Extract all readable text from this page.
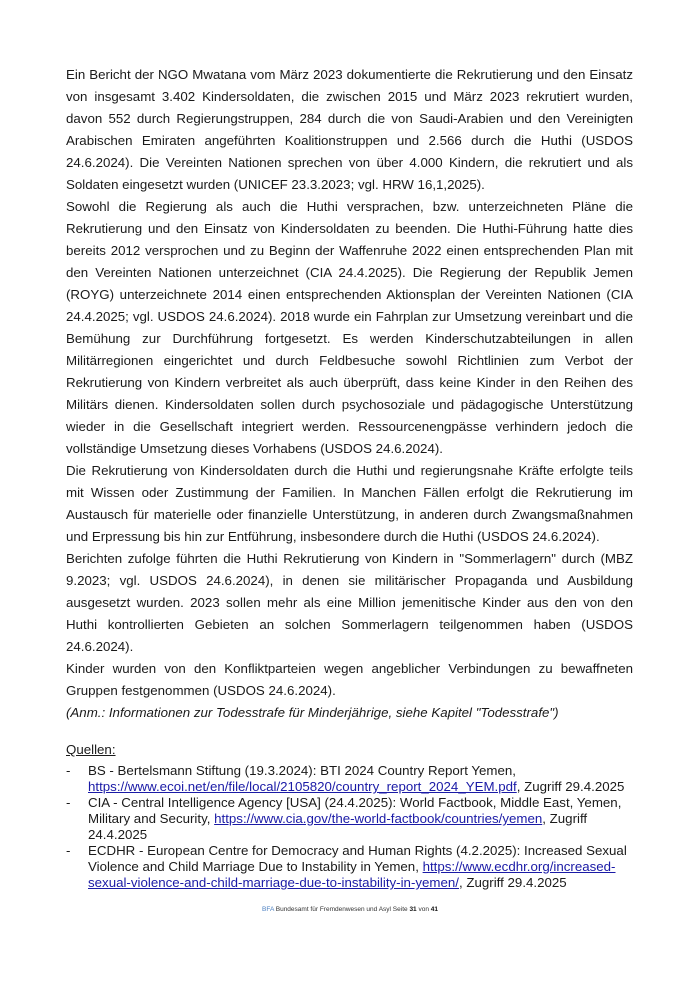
Ein Bericht der NGO Mwatana vom März 2023 dokumentierte die Rekrutierung und den Einsatz von insgesamt 3.402 Kindersoldaten, die zwischen 2015 und März 2023 rekrutiert wurden, davon 552 durch Regierungstruppen, 284 durch die von Saudi-Arabien und den Vereinigten Arabischen Emiraten angeführten Koalitionstruppen und 2.566 durch die Huthi (USDOS 24.6.2024). Die Vereinten Nationen sprechen von über 4.000 Kindern, die rekrutiert und als Soldaten eingesetzt wurden (UNICEF 23.3.2023; vgl. HRW 16,1,2025).

Sowohl die Regierung als auch die Huthi versprachen, bzw. unterzeichneten Pläne die Rekrutierung und den Einsatz von Kindersoldaten zu beenden. Die Huthi-Führung hatte dies bereits 2012 versprochen und zu Beginn der Waffenruhe 2022 einen entsprechenden Plan mit den Vereinten Nationen unterzeichnet (CIA 24.4.2025). Die Regierung der Republik Jemen (ROYG) unterzeichnete 2014 einen entsprechenden Aktionsplan der Vereinten Nationen (CIA 24.4.2025; vgl. USDOS 24.6.2024). 2018 wurde ein Fahrplan zur Umsetzung vereinbart und die Bemühung zur Durchführung fortgesetzt. Es werden Kinderschutzabteilungen in allen Militärregionen eingerichtet und durch Feldbesuche sowohl Richtlinien zum Verbot der Rekrutierung von Kindern verbreitet als auch überprüft, dass keine Kinder in den Reihen des Militärs dienen. Kindersoldaten sollen durch psychosoziale und pädagogische Unterstützung wieder in die Gesellschaft integriert werden. Ressourcenengpässe verhindern jedoch die vollständige Umsetzung dieses Vorhabens (USDOS 24.6.2024).

Die Rekrutierung von Kindersoldaten durch die Huthi und regierungsnahe Kräfte erfolgte teils mit Wissen oder Zustimmung der Familien. In Manchen Fällen erfolgt die Rekrutierung im Austausch für materielle oder finanzielle Unterstützung, in anderen durch Zwangsmaßnahmen und Erpressung bis hin zur Entführung, insbesondere durch die Huthi (USDOS 24.6.2024).

Berichten zufolge führten die Huthi Rekrutierung von Kindern in "Sommerlagern" durch (MBZ 9.2023; vgl. USDOS 24.6.2024), in denen sie militärischer Propaganda und Ausbildung ausgesetzt wurden. 2023 sollen mehr als eine Million jemenitische Kinder aus den von den Huthi kontrollierten Gebieten an solchen Sommerlagern teilgenommen haben (USDOS 24.6.2024).

Kinder wurden von den Konfliktparteien wegen angeblicher Verbindungen zu bewaffneten Gruppen festgenommen (USDOS 24.6.2024).

(Anm.: Informationen zur Todesstrafe für Minderjährige, siehe Kapitel "Todesstrafe")

Quellen:
- BS - Bertelsmann Stiftung (19.3.2024): BTI 2024 Country Report Yemen, https://www.ecoi.net/en/file/local/2105820/country_report_2024_YEM.pdf, Zugriff 29.4.2025
- CIA - Central Intelligence Agency [USA] (24.4.2025): World Factbook, Middle East, Yemen, Military and Security, https://www.cia.gov/the-world-factbook/countries/yemen, Zugriff 24.4.2025
- ECDHR - European Centre for Democracy and Human Rights (4.2.2025): Increased Sexual Violence and Child Marriage Due to Instability in Yemen, https://www.ecdhr.org/increased-sexual-violence-and-child-marriage-due-to-instability-in-yemen/, Zugriff 29.4.2025
BFA Bundesamt für Fremdenwesen und Asyl Seite 31 von 41
